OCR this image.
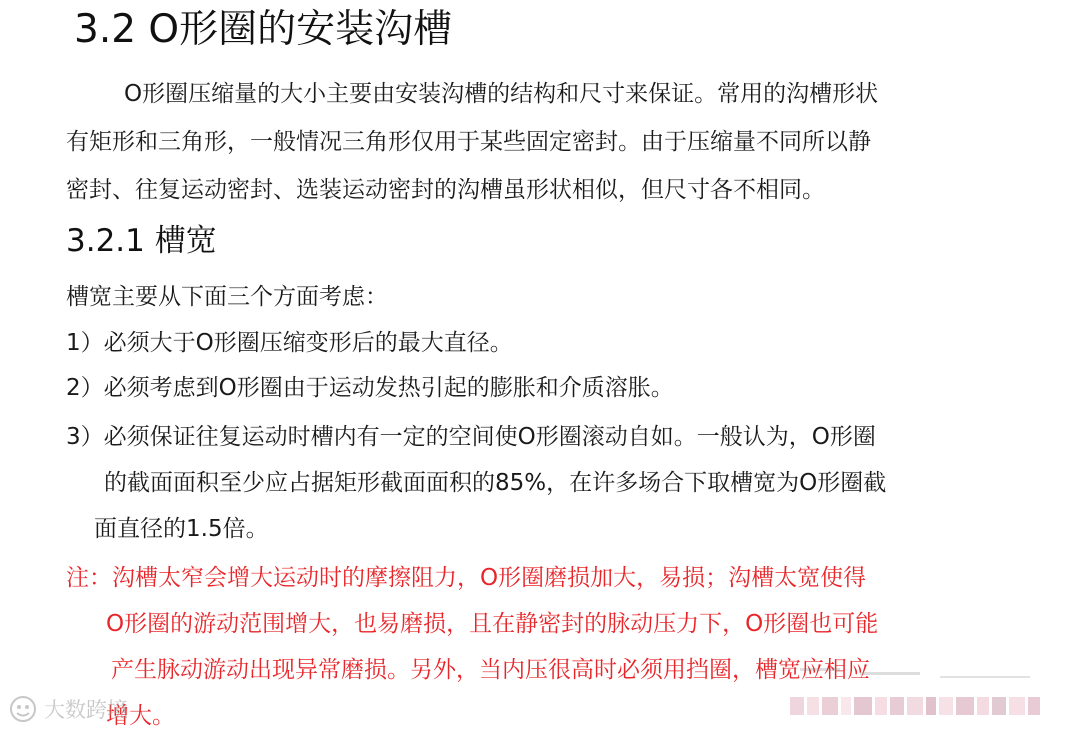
3.2 O形圈的安装沟槽
O形圈压缩量的大小主要由安装沟槽的结构和尺寸来保证。常用的沟槽形状
有矩形和三角形，一般情况三角形仅用于某些固定密封。由于压缩量不同所以静
密封、往复运动密封、选装运动密封的沟槽虽形状相似，但尺寸各不相同。
3.2.1 槽宽
槽宽主要从下面三个方面考虑：
1）必须大于O形圈压缩变形后的最大直径。
2）必须考虑到O形圈由于运动发热引起的膨胀和介质溶胀。
3）必须保证往复运动时槽内有一定的空间使O形圈滚动自如。一般认为，O形圈
的截面面积至少应占据矩形截面面积的85%，在许多场合下取槽宽为O形圈截
面直径的1.5倍。
注：沟槽太窄会增大运动时的摩擦阻力，O形圈磨损加大，易损；沟槽太宽使得
O形圈的游动范围增大，也易磨损，且在静密封的脉动压力下，O形圈也可能
产生脉动游动出现异常磨损。另外，当内压很高时必须用挡圈，槽宽应相应
增大。
大数跨境
